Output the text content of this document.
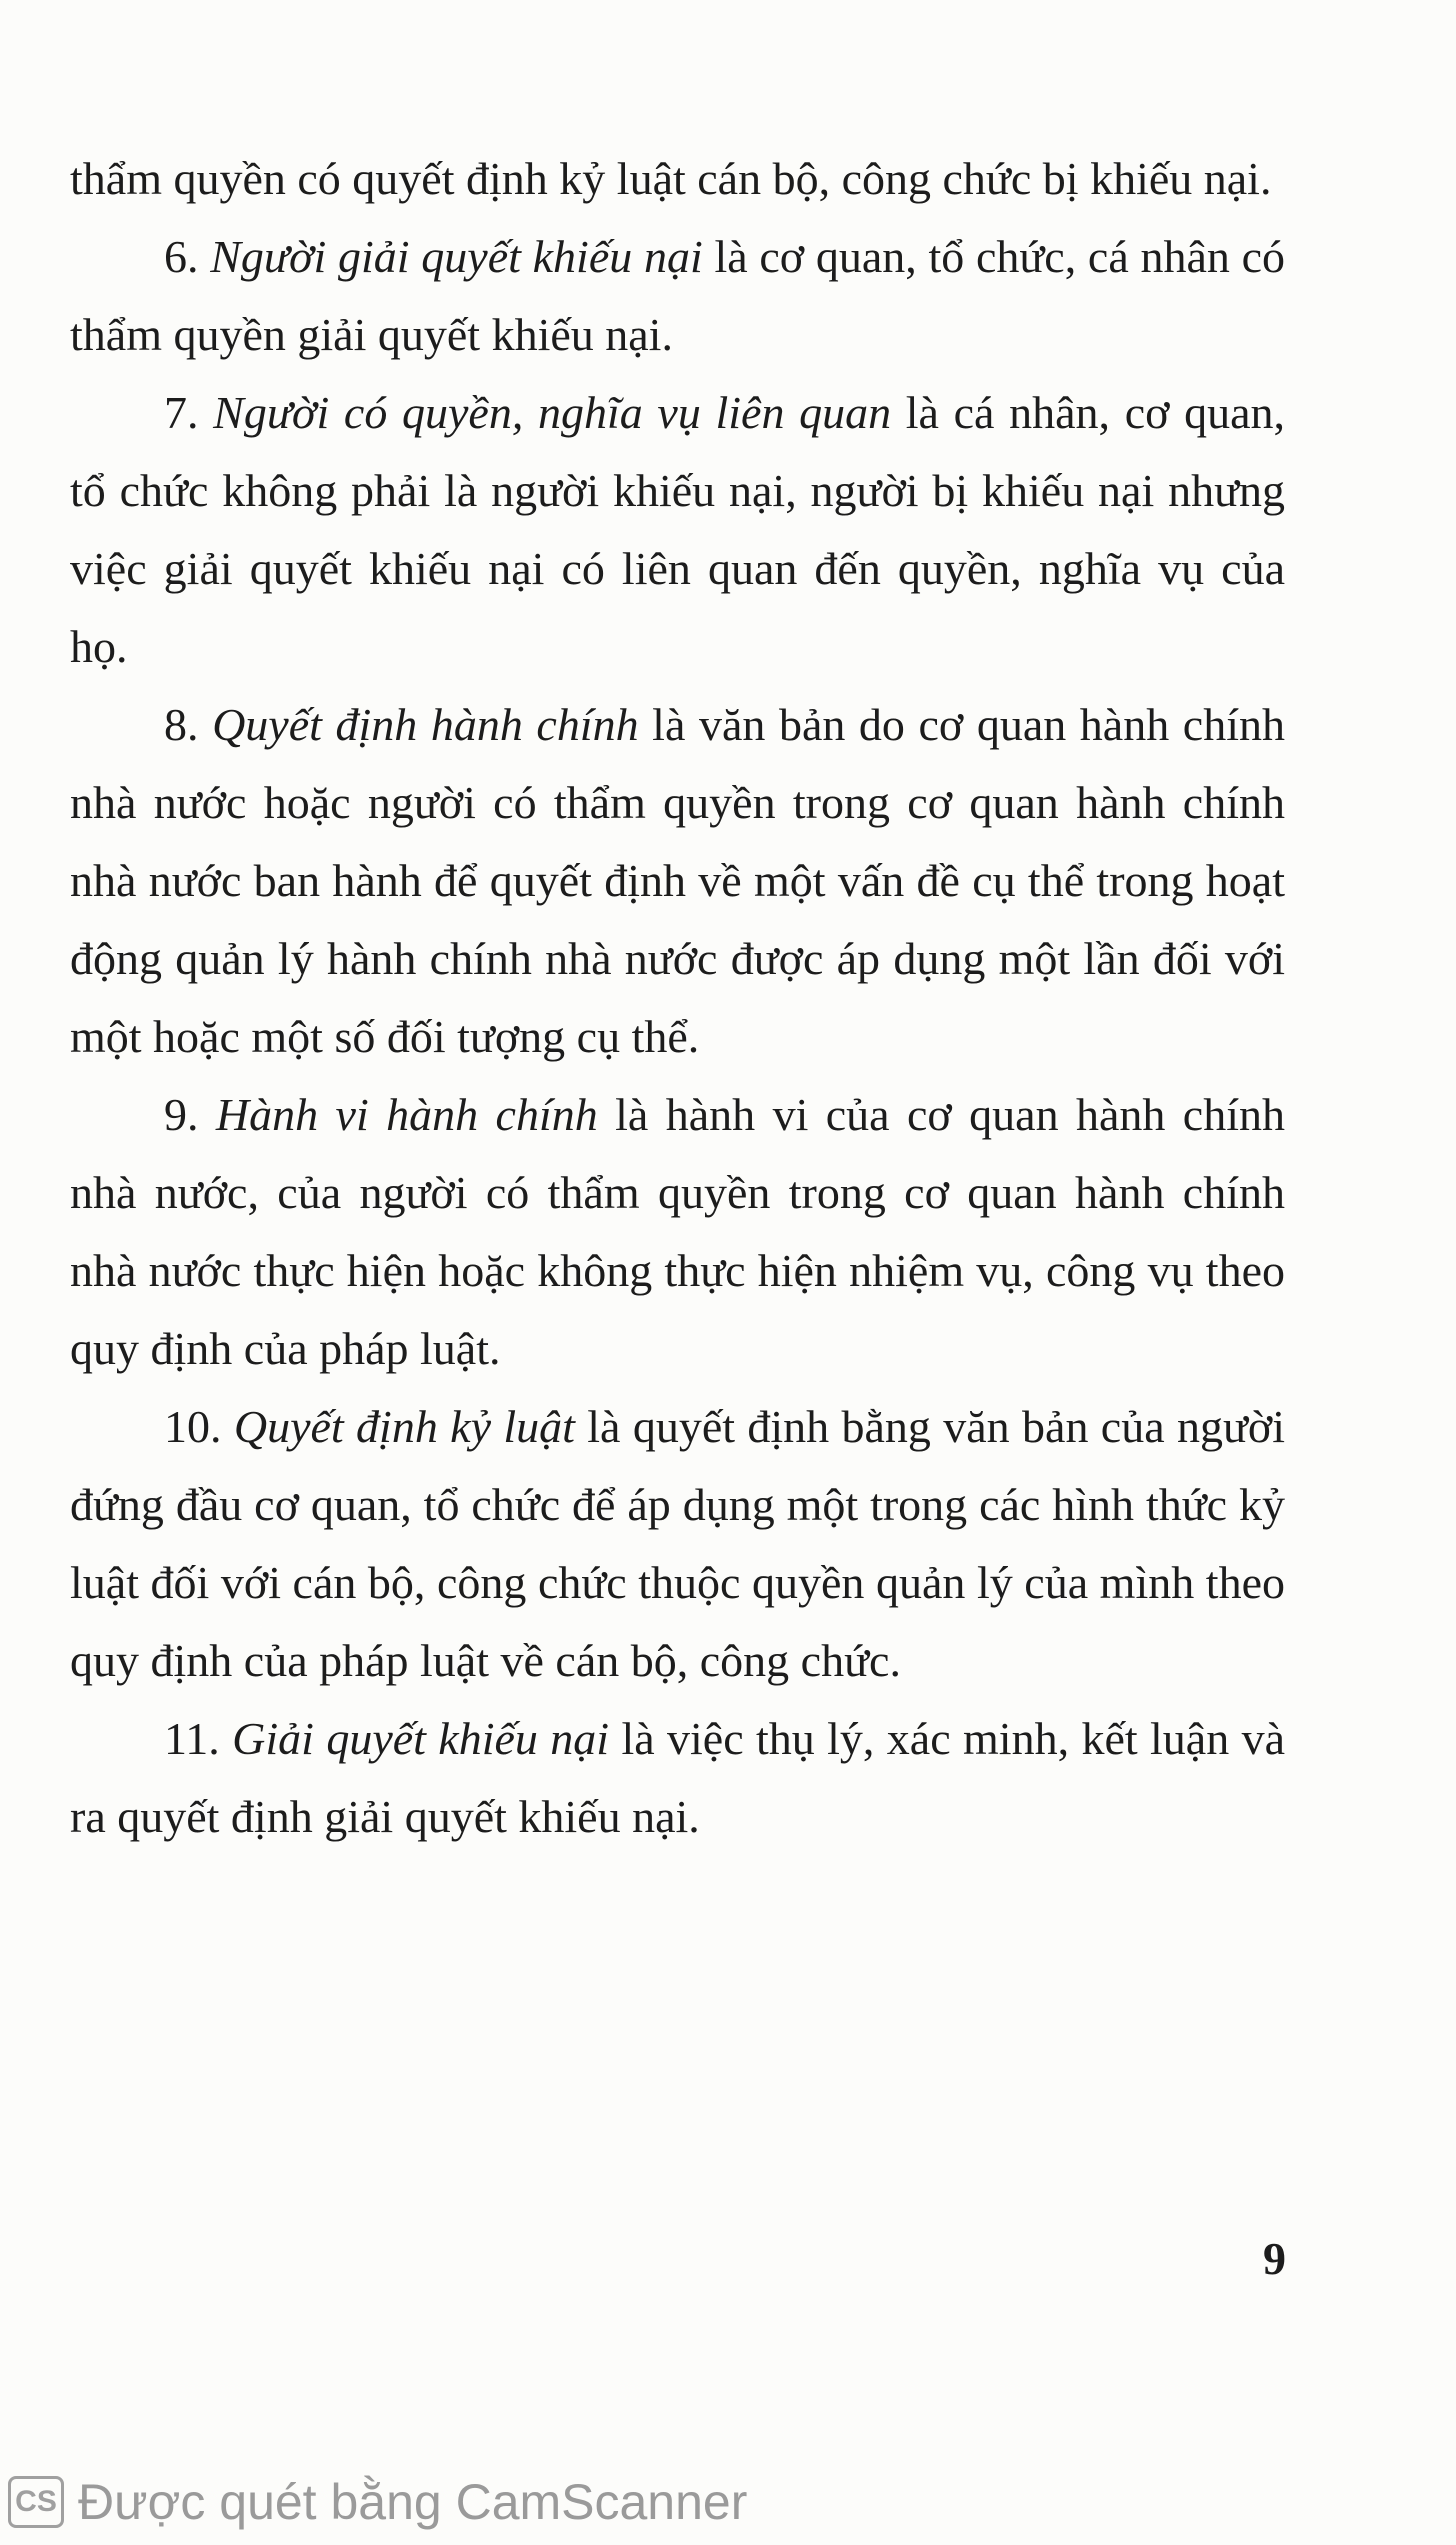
thẩm quyền có quyết định kỷ luật cán bộ, công chức bị khiếu nại.

6. Người giải quyết khiếu nại là cơ quan, tổ chức, cá nhân có thẩm quyền giải quyết khiếu nại.

7. Người có quyền, nghĩa vụ liên quan là cá nhân, cơ quan, tổ chức không phải là người khiếu nại, người bị khiếu nại nhưng việc giải quyết khiếu nại có liên quan đến quyền, nghĩa vụ của họ.

8. Quyết định hành chính là văn bản do cơ quan hành chính nhà nước hoặc người có thẩm quyền trong cơ quan hành chính nhà nước ban hành để quyết định về một vấn đề cụ thể trong hoạt động quản lý hành chính nhà nước được áp dụng một lần đối với một hoặc một số đối tượng cụ thể.

9. Hành vi hành chính là hành vi của cơ quan hành chính nhà nước, của người có thẩm quyền trong cơ quan hành chính nhà nước thực hiện hoặc không thực hiện nhiệm vụ, công vụ theo quy định của pháp luật.

10. Quyết định kỷ luật là quyết định bằng văn bản của người đứng đầu cơ quan, tổ chức để áp dụng một trong các hình thức kỷ luật đối với cán bộ, công chức thuộc quyền quản lý của mình theo quy định của pháp luật về cán bộ, công chức.

11. Giải quyết khiếu nại là việc thụ lý, xác minh, kết luận và ra quyết định giải quyết khiếu nại.

9
CS Được quét bằng CamScanner
